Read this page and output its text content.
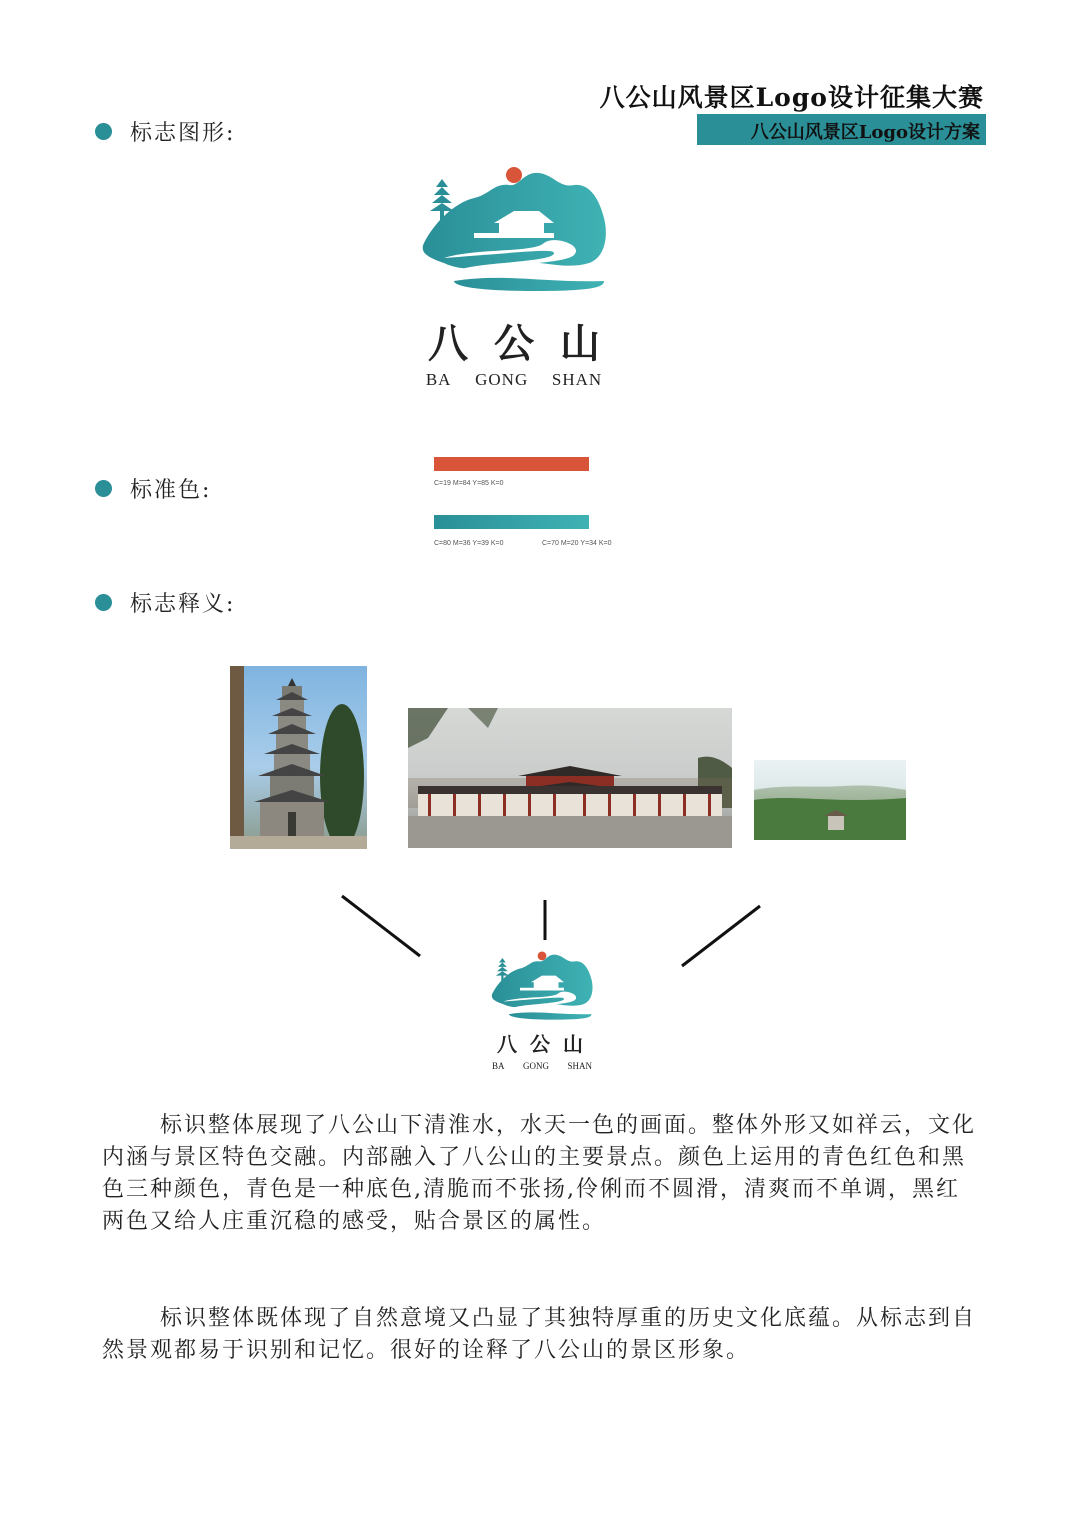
八公山风景区Logo设计征集大赛
八公山风景区Logo设计方案
标志图形:
八 公 山
BA GONG SHAN
标准色:	C=19 M=84 Y=85 K=0
C=80 M=36 Y=39 K=0	C=70 M=20 Y=34 K=0
标志释义:
八 公 山
BA GONG SHAN

标识整体展现了八公山下清淮水，水天一色的画面。整体外形又如祥云，文化内涵与景区特色交融。内部融入了八公山的主要景点。颜色上运用的青色红色和黑色三种颜色，青色是一种底色,清脆而不张扬,伶俐而不圆滑，清爽而不单调，黑红两色又给人庄重沉稳的感受，贴合景区的属性。

标识整体既体现了自然意境又凸显了其独特厚重的历史文化底蕴。从标志到自然景观都易于识别和记忆。很好的诠释了八公山的景区形象。
